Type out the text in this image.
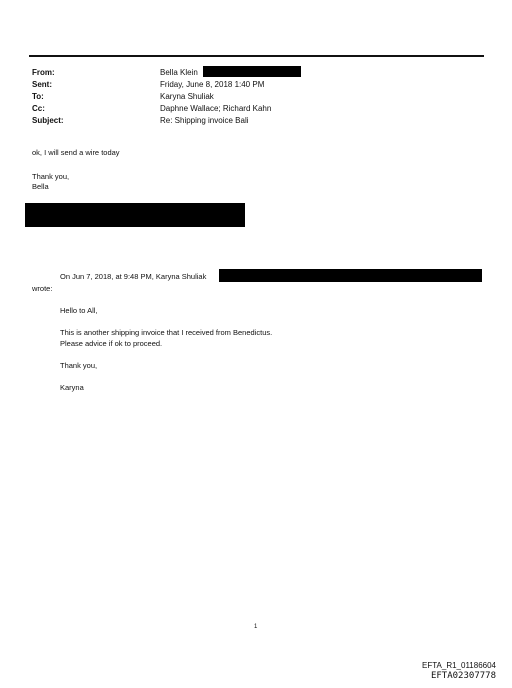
From:	Bella Klein
Sent:	Friday, June 8, 2018 1:40 PM
To:	Karyna Shuliak
Cc:	Daphne Wallace; Richard Kahn
Subject:	Re: Shipping invoice Bali
ok, I will send a wire today
Thank you,
Bella
On Jun 7, 2018, at 9:48 PM, Karyna Shuliak
wrote:
Hello to All,
This is another shipping invoice that I received from Benedictus.
Please advice if ok to proceed.
Thank you,
Karyna
1
EFTA_R1_01186604
EFTA02307778
